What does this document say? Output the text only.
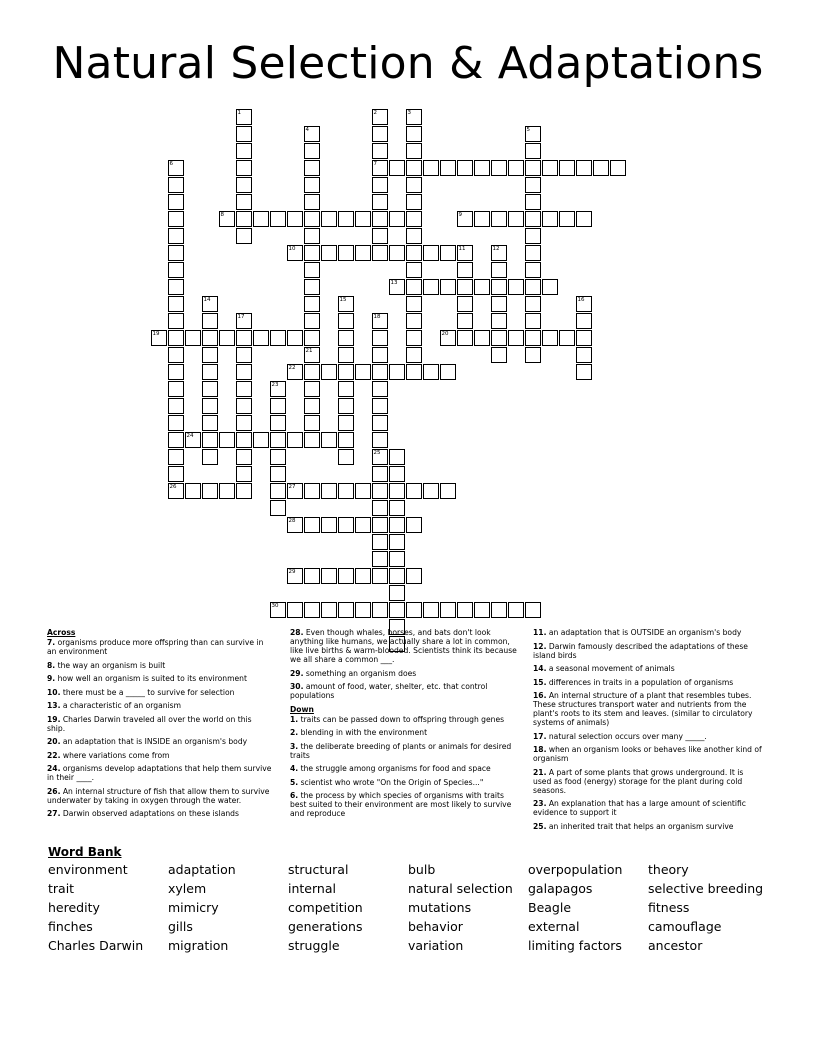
Natural Selection & Adaptations
1	2	3
4	5
6	7
8	9
10	11	12
13
14	15	16
17	18
19	20
21
22
23
24
25
26	27
28
29
30
Across
7. organisms produce more offspring than can survive in an environment
8. the way an organism is built
9. how well an organism is suited to its environment
10. there must be a _____ to survive for selection
13. a characteristic of an organism
19. Charles Darwin traveled all over the world on this ship.
20. an adaptation that is INSIDE an organism's body
22. where variations come from
24. organisms develop adaptations that help them survive in their ____.
26. An internal structure of fish that allow them to survive underwater by taking in oxygen through the water.
27. Darwin observed adaptations on these islands
28. Even though whales, horses, and bats don't look anything like humans, we actually share a lot in common, like live births & warm-blooded. Scientists think its because we all share a common ___.
29. something an organism does
30. amount of food, water, shelter, etc. that control populations
Down
1. traits can be passed down to offspring through genes
2. blending in with the environment
3. the deliberate breeding of plants or animals for desired traits
4. the struggle among organisms for food and space
5. scientist who wrote "On the Origin of Species..."
6. the process by which species of organisms with traits best suited to their environment are most likely to survive and reproduce
11. an adaptation that is OUTSIDE an organism's body
12. Darwin famously described the adaptations of these island birds
14. a seasonal movement of animals
15. differences in traits in a population of organisms
16. An internal structure of a plant that resembles tubes. These structures transport water and nutrients from the plant's roots to its stem and leaves. (similar to circulatory systems of animals)
17. natural selection occurs over many _____.
18. when an organism looks or behaves like another kind of organism
21. A part of some plants that grows underground. It is used as food (energy) storage for the plant during cold seasons.
23. An explanation that has a large amount of scientific evidence to support it
25. an inherited trait that helps an organism survive
Word Bank
environment	adaptation	structural	bulb	overpopulation	theory
trait	xylem	internal	natural selection	galapagos	selective breeding
heredity	mimicry	competition	mutations	Beagle	fitness
finches	gills	generations	behavior	external	camouflage
Charles Darwin	migration	struggle	variation	limiting factors	ancestor
